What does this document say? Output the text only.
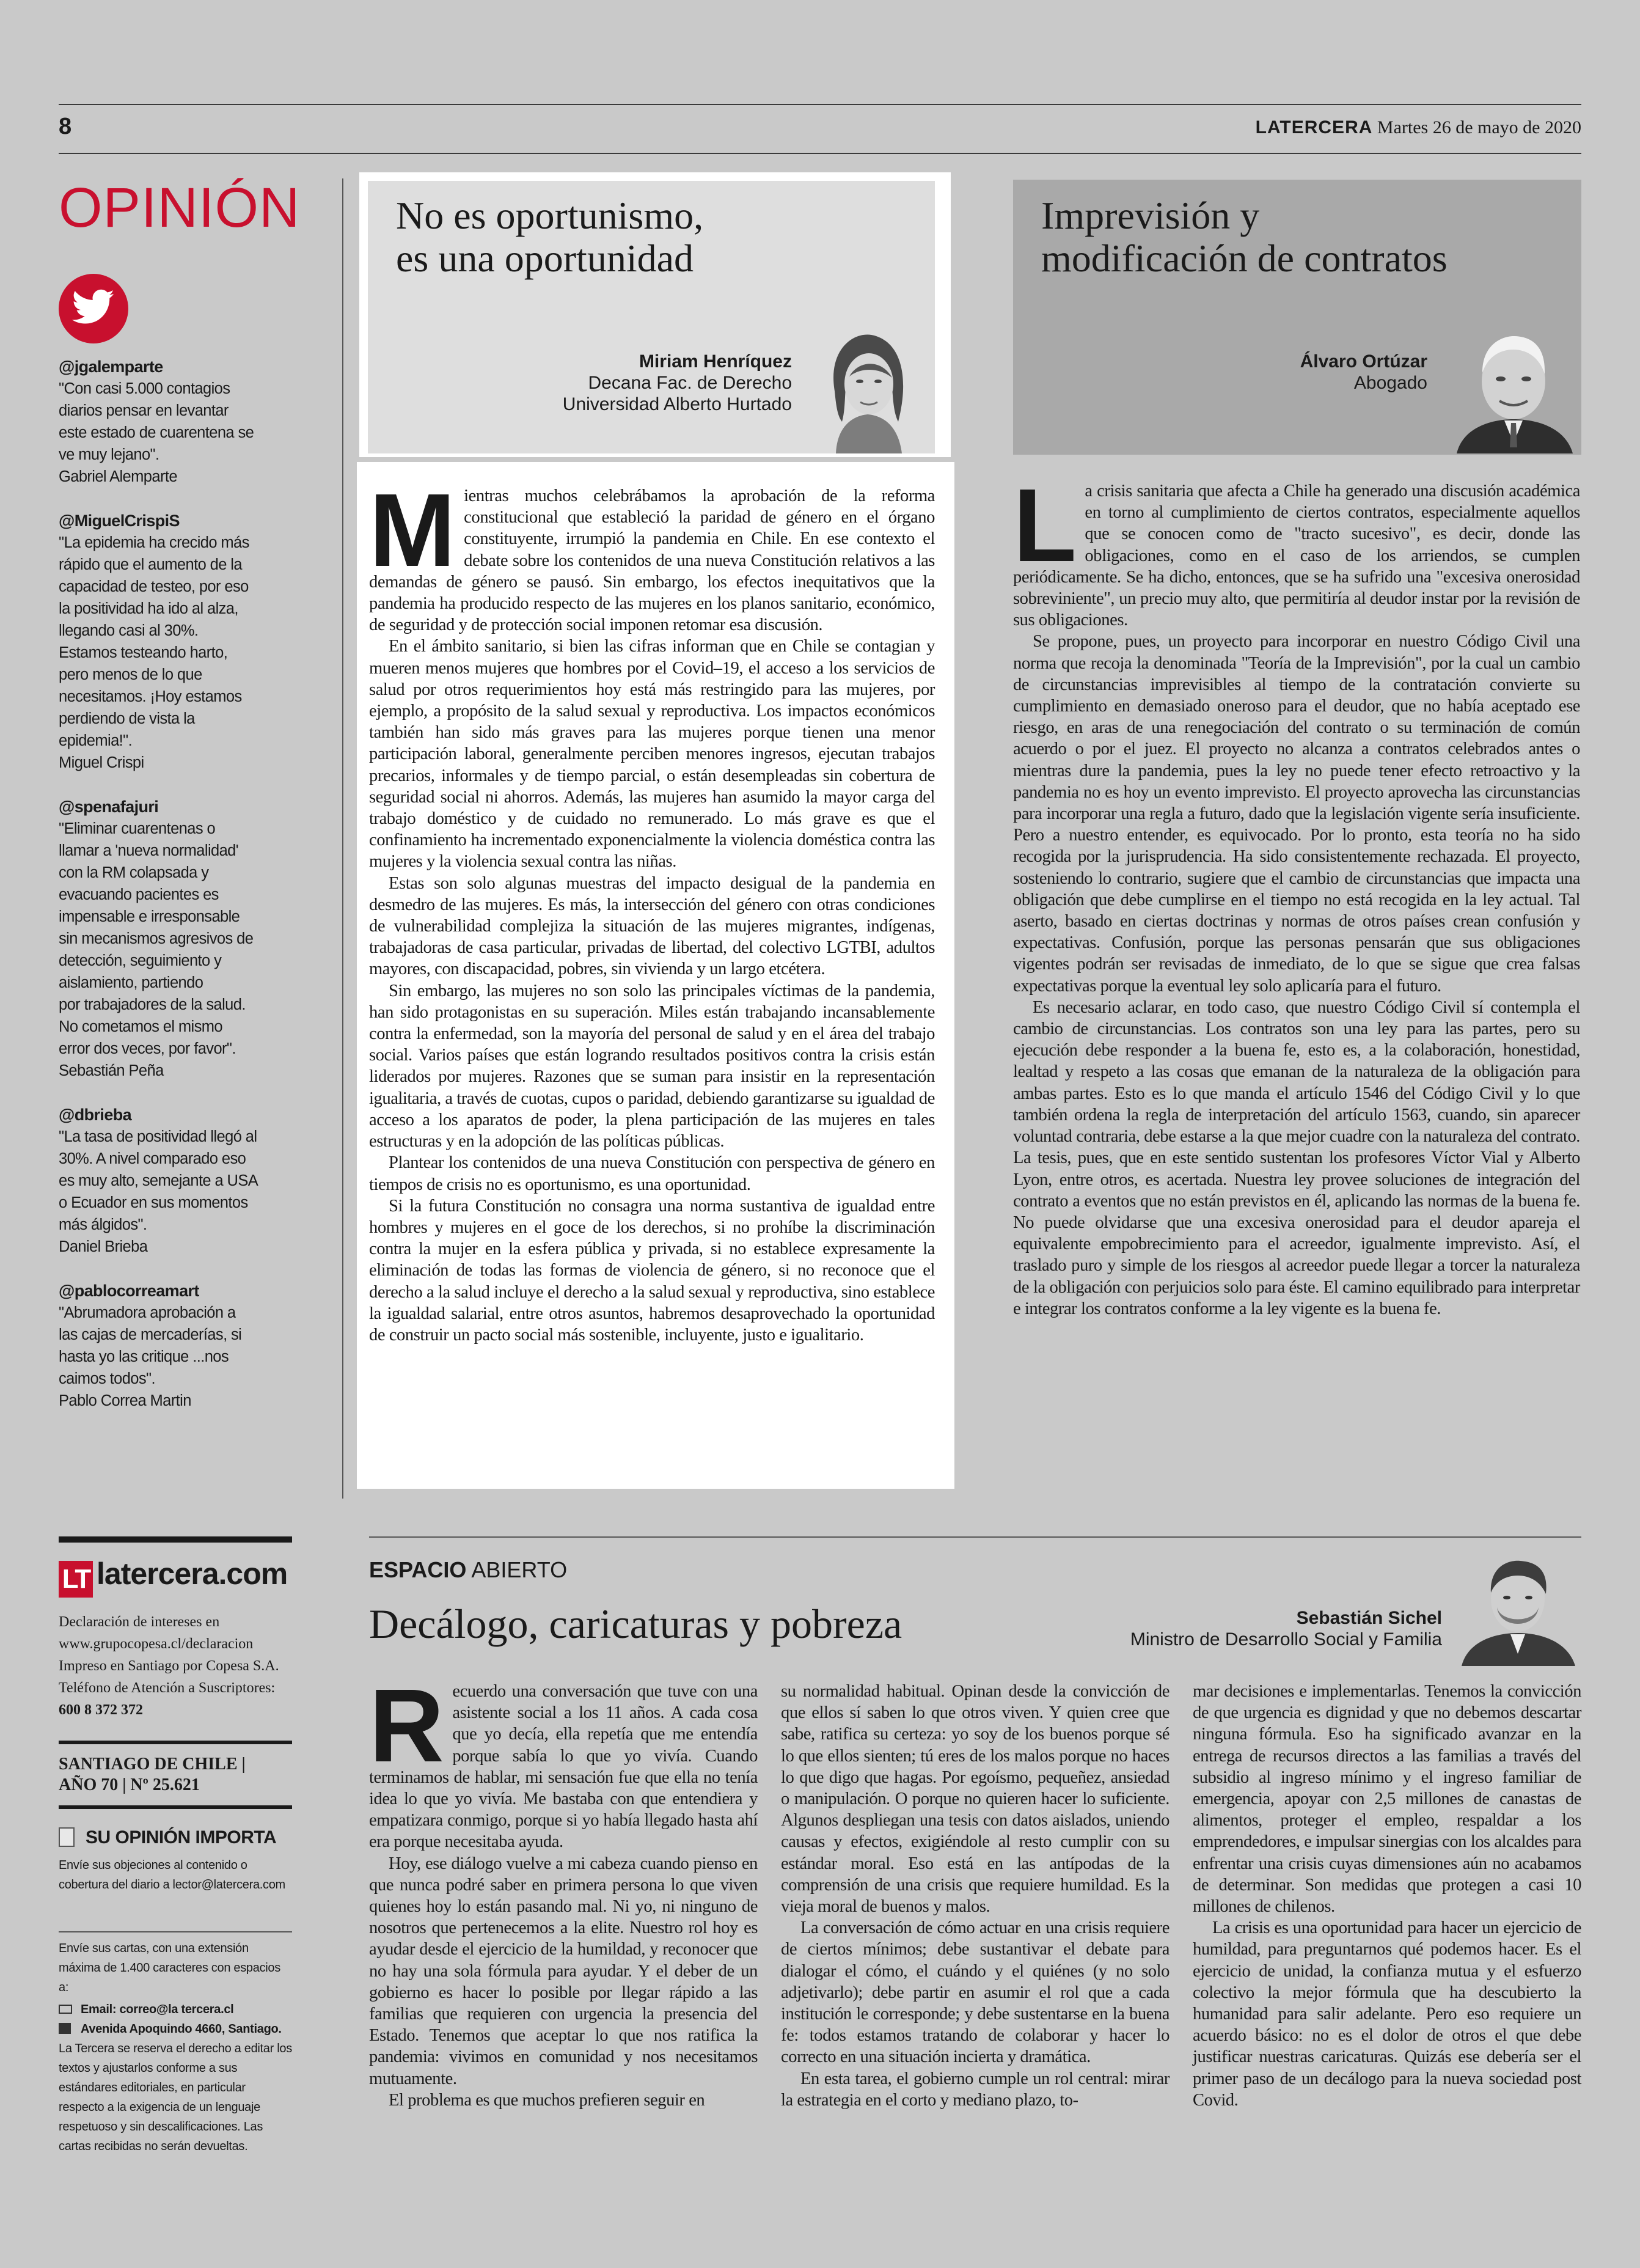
8	LATERCERA Martes 26 de mayo de 2020
OPINIÓN
@jgalemparte
"Con casi 5.000 contagios
diarios pensar en levantar
este estado de cuarentena se
ve muy lejano".
Gabriel Alemparte
@MiguelCrispiS
"La epidemia ha crecido más
rápido que el aumento de la
capacidad de testeo, por eso
la positividad ha ido al alza,
llegando casi al 30%.
Estamos testeando harto,
pero menos de lo que
necesitamos. ¡Hoy estamos
perdiendo de vista la
epidemia!".
Miguel Crispi
@spenafajuri
"Eliminar cuarentenas o
llamar a 'nueva normalidad'
con la RM colapsada y
evacuando pacientes es
impensable e irresponsable
sin mecanismos agresivos de
detección, seguimiento y
aislamiento, partiendo
por trabajadores de la salud.
No cometamos el mismo
error dos veces, por favor".
Sebastián Peña
@dbrieba
"La tasa de positividad llegó al
30%. A nivel comparado eso
es muy alto, semejante a USA
o Ecuador en sus momentos
más álgidos".
Daniel Brieba
@pablocorreamart
"Abrumadora aprobación a
las cajas de mercaderías, si
hasta yo las critique ...nos
caimos todos".
Pablo Correa Martin
No es oportunismo,
es una oportunidad
Miriam Henríquez
Decana Fac. de Derecho
Universidad Alberto Hurtado

Mientras muchos celebrábamos la aprobación de la reforma constitucional que estableció la paridad de género en el órgano constituyente, irrumpió la pandemia en Chile. En ese contexto el debate sobre los contenidos de una nueva Constitución relativos a las demandas de género se pausó. Sin embargo, los efectos inequitativos que la pandemia ha producido respecto de las mujeres en los planos sanitario, económico, de seguridad y de protección social imponen retomar esa discusión.

En el ámbito sanitario, si bien las cifras informan que en Chile se contagian y mueren menos mujeres que hombres por el Covid–19, el acceso a los servicios de salud por otros requerimientos hoy está más restringido para las mujeres, por ejemplo, a propósito de la salud sexual y reproductiva. Los impactos económicos también han sido más graves para las mujeres porque tienen una menor participación laboral, generalmente perciben menores ingresos, ejecutan trabajos precarios, informales y de tiempo parcial, o están desempleadas sin cobertura de seguridad social ni ahorros. Además, las mujeres han asumido la mayor carga del trabajo doméstico y de cuidado no remunerado. Lo más grave es que el confinamiento ha incrementado exponencialmente la violencia doméstica contra las mujeres y la violencia sexual contra las niñas.

Estas son solo algunas muestras del impacto desigual de la pandemia en desmedro de las mujeres. Es más, la intersección del género con otras condiciones de vulnerabilidad complejiza la situación de las mujeres migrantes, indígenas, trabajadoras de casa particular, privadas de libertad, del colectivo LGTBI, adultos mayores, con discapacidad, pobres, sin vivienda y un largo etcétera.

Sin embargo, las mujeres no son solo las principales víctimas de la pandemia, han sido protagonistas en su superación. Miles están trabajando incansablemente contra la enfermedad, son la mayoría del personal de salud y en el área del trabajo social. Varios países que están logrando resultados positivos contra la crisis están liderados por mujeres. Razones que se suman para insistir en la representación igualitaria, a través de cuotas, cupos o paridad, debiendo garantizarse su igualdad de acceso a los aparatos de poder, la plena participación de las mujeres en tales estructuras y en la adopción de las políticas públicas.

Plantear los contenidos de una nueva Constitución con perspectiva de género en tiempos de crisis no es oportunismo, es una oportunidad.

Si la futura Constitución no consagra una norma sustantiva de igualdad entre hombres y mujeres en el goce de los derechos, si no prohíbe la discriminación contra la mujer en la esfera pública y privada, si no establece expresamente la eliminación de todas las formas de violencia de género, si no reconoce que el derecho a la salud incluye el derecho a la salud sexual y reproductiva, sino establece la igualdad salarial, entre otros asuntos, habremos desaprovechado la oportunidad de construir un pacto social más sostenible, incluyente, justo e igualitario.

Imprevisión y
modificación de contratos
Álvaro Ortúzar
Abogado

La crisis sanitaria que afecta a Chile ha generado una discusión académica en torno al cumplimiento de ciertos contratos, especialmente aquellos que se conocen como de "tracto sucesivo", es decir, donde las obligaciones, como en el caso de los arriendos, se cumplen periódicamente. Se ha dicho, entonces, que se ha sufrido una "excesiva onerosidad sobreviniente", un precio muy alto, que permitiría al deudor instar por la revisión de sus obligaciones.

Se propone, pues, un proyecto para incorporar en nuestro Código Civil una norma que recoja la denominada "Teoría de la Imprevisión", por la cual un cambio de circunstancias imprevisibles al tiempo de la contratación convierte su cumplimiento en demasiado oneroso para el deudor, que no había aceptado ese riesgo, en aras de una renegociación del contrato o su terminación de común acuerdo o por el juez. El proyecto no alcanza a contratos celebrados antes o mientras dure la pandemia, pues la ley no puede tener efecto retroactivo y la pandemia no es hoy un evento imprevisto. El proyecto aprovecha las circunstancias para incorporar una regla a futuro, dado que la legislación vigente sería insuficiente. Pero a nuestro entender, es equivocado. Por lo pronto, esta teoría no ha sido recogida por la jurisprudencia. Ha sido consistentemente rechazada. El proyecto, sosteniendo lo contrario, sugiere que el cambio de circunstancias que impacta una obligación que debe cumplirse en el tiempo no está recogida en la ley actual. Tal aserto, basado en ciertas doctrinas y normas de otros países crean confusión y expectativas. Confusión, porque las personas pensarán que sus obligaciones vigentes podrán ser revisadas de inmediato, de lo que se sigue que crea falsas expectativas porque la eventual ley solo aplicaría para el futuro.

Es necesario aclarar, en todo caso, que nuestro Código Civil sí contempla el cambio de circunstancias. Los contratos son una ley para las partes, pero su ejecución debe responder a la buena fe, esto es, a la colaboración, honestidad, lealtad y respeto a las cosas que emanan de la naturaleza de la obligación para ambas partes. Esto es lo que manda el artículo 1546 del Código Civil y lo que también ordena la regla de interpretación del artículo 1563, cuando, sin aparecer voluntad contraria, debe estarse a la que mejor cuadre con la naturaleza del contrato. La tesis, pues, que en este sentido sustentan los profesores Víctor Vial y Alberto Lyon, entre otros, es acertada. Nuestra ley provee soluciones de integración del contrato a eventos que no están previstos en él, aplicando las normas de la buena fe. No puede olvidarse que una excesiva onerosidad para el deudor apareja el equivalente empobrecimiento para el acreedor, igualmente imprevisto. Así, el traslado puro y simple de los riesgos al acreedor puede llegar a torcer la naturaleza de la obligación con perjuicios solo para éste. El camino equilibrado para interpretar e integrar los contratos conforme a la ley vigente es la buena fe.

ESPACIO ABIERTO
Decálogo, caricaturas y pobreza	Sebastián Sichel
Ministro de Desarrollo Social y Familia

Recuerdo una conversación que tuve con una asistente social a los 11 años. A cada cosa que yo decía, ella repetía que me entendía porque sabía lo que yo vivía. Cuando terminamos de hablar, mi sensación fue que ella no tenía idea lo que yo vivía. Me bastaba con que entendiera y empatizara conmigo, porque si yo había llegado hasta ahí era porque necesitaba ayuda.

Hoy, ese diálogo vuelve a mi cabeza cuando pienso en que nunca podré saber en primera persona lo que viven quienes hoy lo están pasando mal. Ni yo, ni ninguno de nosotros que pertenecemos a la elite. Nuestro rol hoy es ayudar desde el ejercicio de la humildad, y reconocer que no hay una sola fórmula para ayudar. Y el deber de un gobierno es hacer lo posible por llegar rápido a las familias que requieren con urgencia la presencia del Estado. Tenemos que aceptar lo que nos ratifica la pandemia: vivimos en comunidad y nos necesitamos mutuamente.

El problema es que muchos prefieren seguir en

su normalidad habitual. Opinan desde la convicción de que ellos sí saben lo que otros viven. Y quien cree que sabe, ratifica su certeza: yo soy de los buenos porque sé lo que ellos sienten; tú eres de los malos porque no haces lo que digo que hagas. Por egoísmo, pequeñez, ansiedad o manipulación. O porque no quieren hacer lo suficiente. Algunos despliegan una tesis con datos aislados, uniendo causas y efectos, exigiéndole al resto cumplir con su estándar moral. Eso está en las antípodas de la comprensión de una crisis que requiere humildad. Es la vieja moral de buenos y malos.

La conversación de cómo actuar en una crisis requiere de ciertos mínimos; debe sustantivar el debate para dialogar el cómo, el cuándo y el quiénes (y no solo adjetivarlo); debe partir en asumir el rol que a cada institución le corresponde; y debe sustentarse en la buena fe: todos estamos tratando de colaborar y hacer lo correcto en una situación incierta y dramática.

En esta tarea, el gobierno cumple un rol central: mirar la estrategia en el corto y mediano plazo, to-

mar decisiones e implementarlas. Tenemos la convicción de que urgencia es dignidad y que no debemos descartar ninguna fórmula. Eso ha significado avanzar en la entrega de recursos directos a las familias a través del subsidio al ingreso mínimo y el ingreso familiar de emergencia, apoyar con 2,5 millones de canastas de alimentos, proteger el empleo, respaldar a los emprendedores, e impulsar sinergias con los alcaldes para enfrentar una crisis cuyas dimensiones aún no acabamos de determinar. Son medidas que protegen a casi 10 millones de chilenos.

La crisis es una oportunidad para hacer un ejercicio de humildad, para preguntarnos qué podemos hacer. Es el ejercicio de unidad, la confianza mutua y el esfuerzo colectivo la mejor fórmula que ha descubierto la humanidad para salir adelante. Pero eso requiere un acuerdo básico: no es el dolor de otros el que debe justificar nuestras caricaturas. Quizás ese debería ser el primer paso de un decálogo para la nueva sociedad post Covid.

LT latercera.com
Declaración de intereses en www.grupocopesa.cl/declaracion Impreso en Santiago por Copesa S.A. Teléfono de Atención a Suscriptores: 600 8 372 372
SANTIAGO DE CHILE |
AÑO 70 | Nº 25.621
SU OPINIÓN IMPORTA
Envíe sus objeciones al contenido o cobertura del diario a lector@latercera.com
Envíe sus cartas, con una extensión máxima de 1.400 caracteres con espacios a:
Email: correo@la tercera.cl
Avenida Apoquindo 4660, Santiago.
La Tercera se reserva el derecho a editar los textos y ajustarlos conforme a sus estándares editoriales, en particular respecto a la exigencia de un lenguaje respetuoso y sin descalificaciones. Las cartas recibidas no serán devueltas.
